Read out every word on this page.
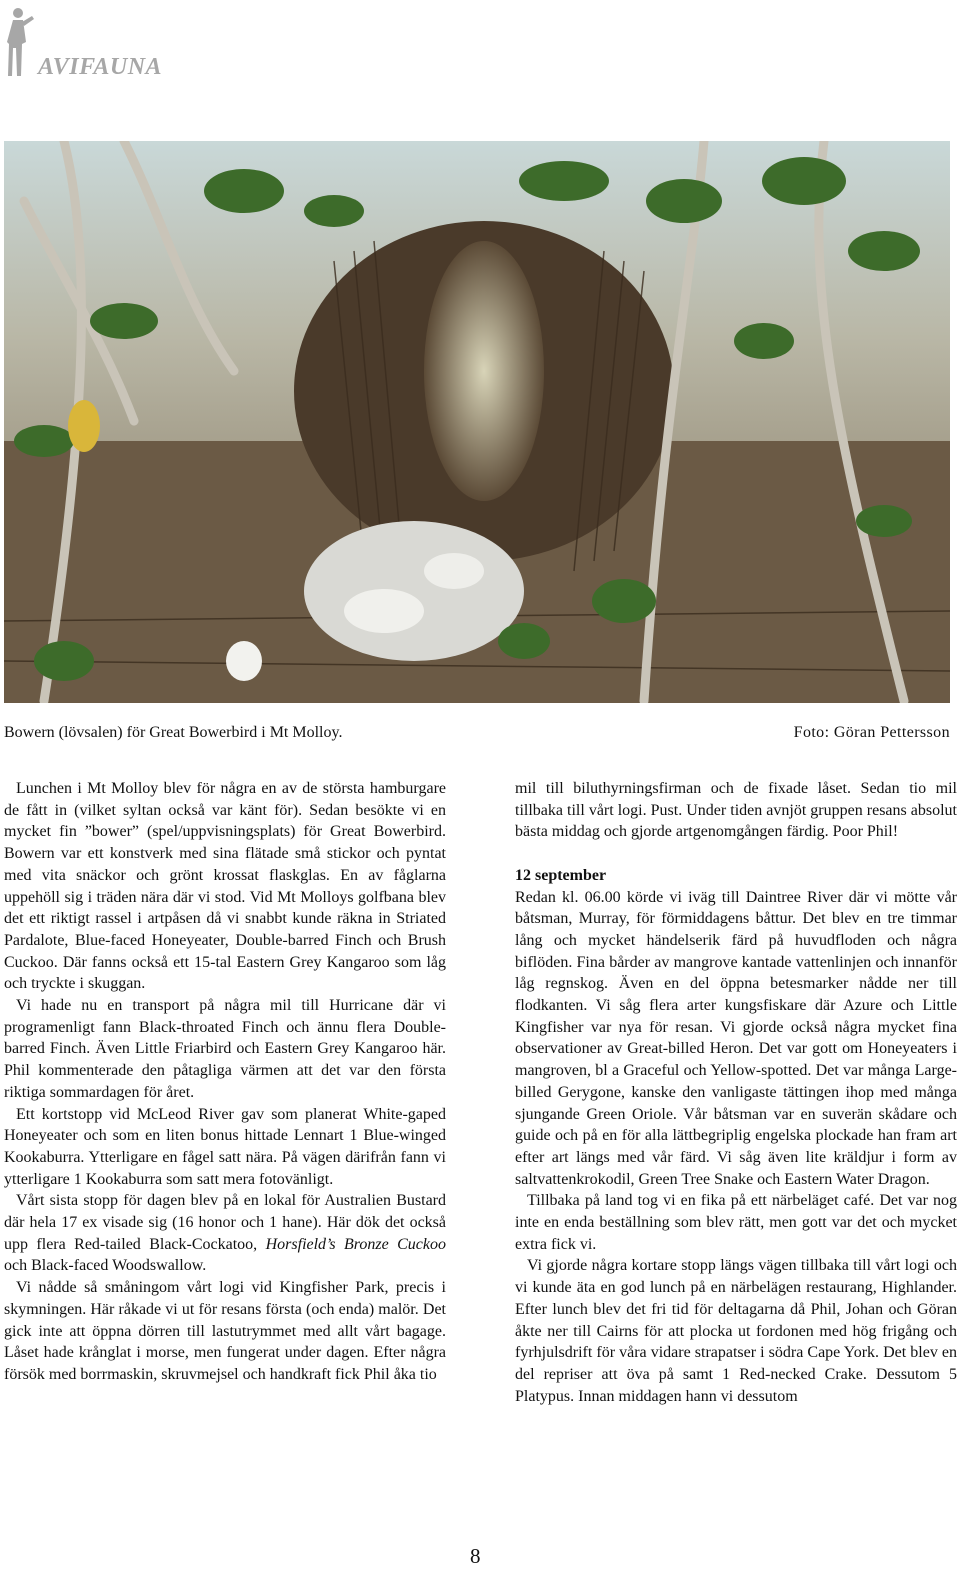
AVIFAUNA
Bowern (lövsalen) för Great Bowerbird i Mt Molloy.	Foto: Göran Pettersson

Lunchen i Mt Molloy blev för några en av de största hamburgare de fått in (vilket syltan också var känt för). Sedan besökte vi en mycket fin ”bower” (spel/uppvisningsplats) för Great Bowerbird. Bowern var ett konstverk med sina flätade små stickor och pyntat med vita snäckor och grönt krossat flaskglas. En av fåglarna uppehöll sig i träden nära där vi stod. Vid Mt Molloys golfbana blev det ett riktigt rassel i artpåsen då vi snabbt kunde räkna in Striated Pardalote, Blue-faced Honeyeater, Double-barred Finch och Brush Cuckoo. Där fanns också ett 15-tal Eastern Grey Kangaroo som låg och tryckte i skuggan.

Vi hade nu en transport på några mil till Hurricane där vi programenligt fann Black-throated Finch och ännu flera Double-barred Finch. Även Little Friarbird och Eastern Grey Kangaroo här. Phil kommenterade den påtagliga värmen att det var den första riktiga sommardagen för året.

Ett kortstopp vid McLeod River gav som planerat White-gaped Honeyeater och som en liten bonus hittade Lennart 1 Blue-winged Kookaburra. Ytterligare en fågel satt nära. På vägen därifrån fann vi ytterligare 1 Kookaburra som satt mera fotovänligt.

Vårt sista stopp för dagen blev på en lokal för Australien Bustard där hela 17 ex visade sig (16 honor och 1 hane). Här dök det också upp flera Red-tailed Black-Cockatoo, Horsfield’s Bronze Cuckoo och Black-faced Woodswallow.

Vi nådde så småningom vårt logi vid Kingfisher Park, precis i skymningen. Här råkade vi ut för resans första (och enda) malör. Det gick inte att öppna dörren till lastutrymmet med allt vårt bagage. Låset hade krånglat i morse, men fungerat under dagen. Efter några försök med borrmaskin, skruvmejsel och handkraft fick Phil åka tio

mil till biluthyrningsfirman och de fixade låset. Sedan tio mil tillbaka till vårt logi. Pust. Under tiden avnjöt gruppen resans absolut bästa middag och gjorde artgenomgången färdig. Poor Phil!

12 september

Redan kl. 06.00 körde vi iväg till Daintree River där vi mötte vår båtsman, Murray, för förmiddagens båttur. Det blev en tre timmar lång och mycket händelserik färd på huvudfloden och några biflöden. Fina bårder av mangrove kantade vattenlinjen och innanför låg regnskog. Även en del öppna betesmarker nådde ner till flodkanten. Vi såg flera arter kungsfiskare där Azure och Little Kingfisher var nya för resan. Vi gjorde också några mycket fina observationer av Great-billed Heron. Det var gott om Honeyeaters i mangroven, bl a Graceful och Yellow-spotted. Det var många Large-billed Gerygone, kanske den vanligaste tättingen ihop med många sjungande Green Oriole. Vår båtsman var en suverän skådare och guide och på en för alla lättbegriplig engelska plockade han fram art efter art längs med vår färd. Vi såg även lite kräldjur i form av saltvattenkrokodil, Green Tree Snake och Eastern Water Dragon.

Tillbaka på land tog vi en fika på ett närbeläget café. Det var nog inte en enda beställning som blev rätt, men gott var det och mycket extra fick vi.

Vi gjorde några kortare stopp längs vägen tillbaka till vårt logi och vi kunde äta en god lunch på en närbelägen restaurang, Highlander. Efter lunch blev det fri tid för deltagarna då Phil, Johan och Göran åkte ner till Cairns för att plocka ut fordonen med hög frigång och fyrhjulsdrift för våra vidare strapatser i södra Cape York. Det blev en del repriser att öva på samt 1 Red-necked Crake. Dessutom 5 Platypus. Innan middagen hann vi dessutom

8
